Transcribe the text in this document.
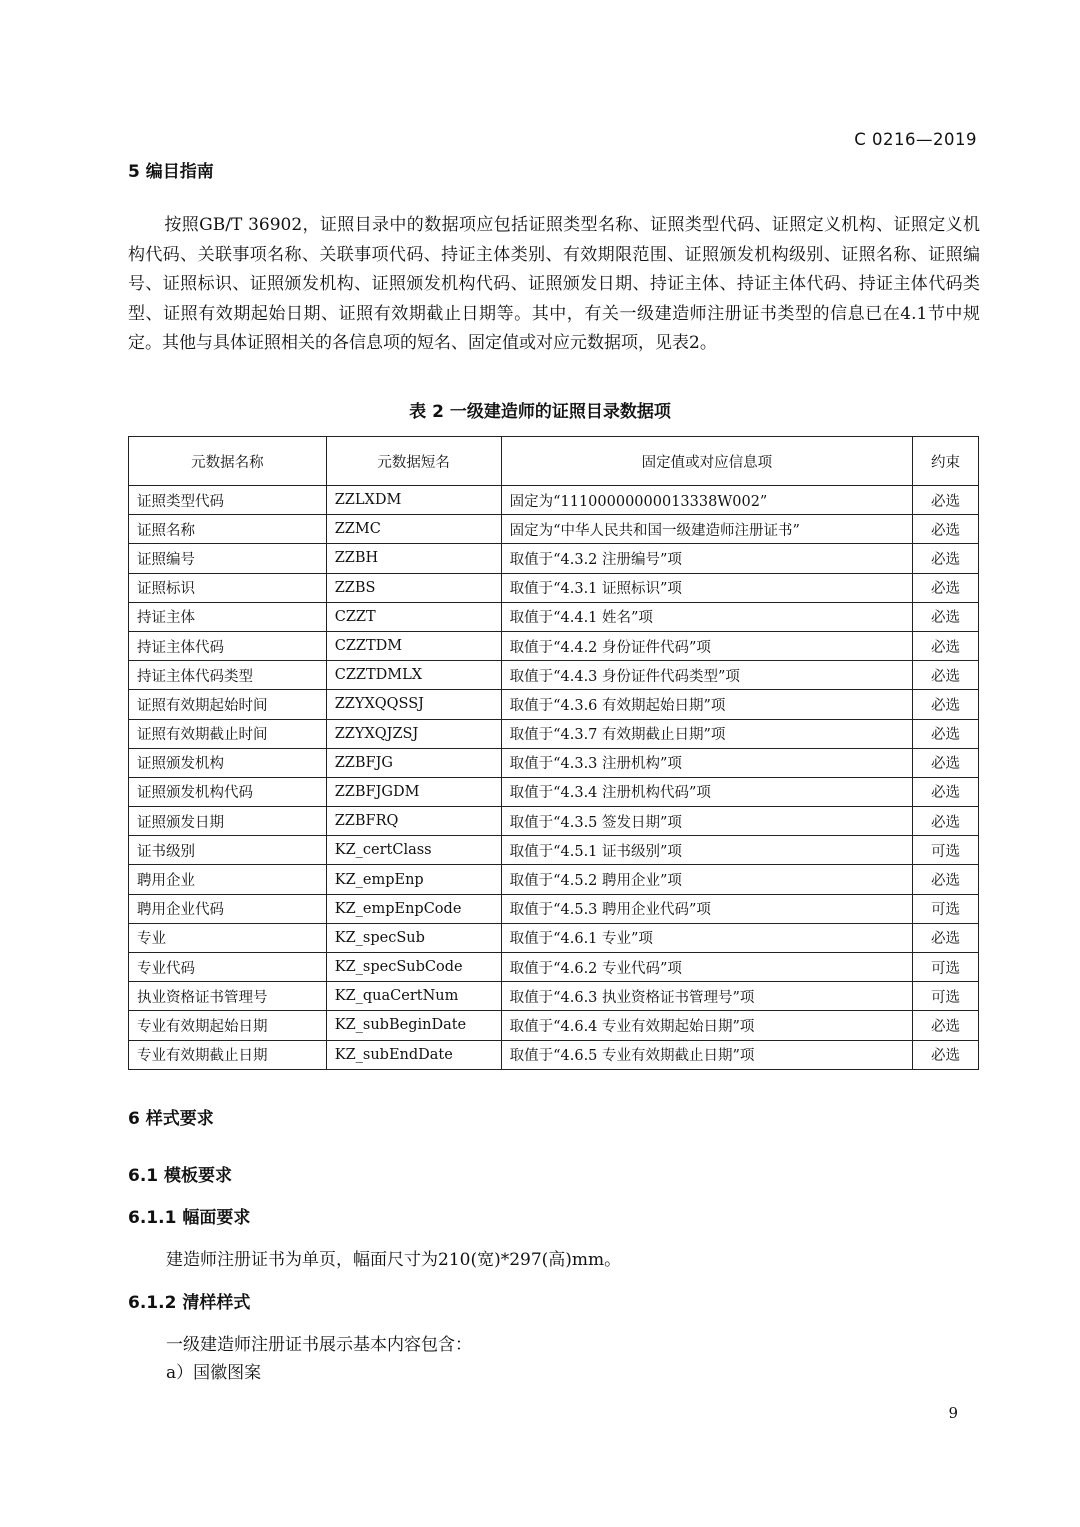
C 0216—2019
5 编目指南
按照GB/T 36902，证照目录中的数据项应包括证照类型名称、证照类型代码、证照定义机构、证照定义机构代码、关联事项名称、关联事项代码、持证主体类别、有效期限范围、证照颁发机构级别、证照名称、证照编号、证照标识、证照颁发机构、证照颁发机构代码、证照颁发日期、持证主体、持证主体代码、持证主体代码类型、证照有效期起始日期、证照有效期截止日期等。其中，有关一级建造师注册证书类型的信息已在4.1节中规定。其他与具体证照相关的各信息项的短名、固定值或对应元数据项，见表2。
表 2 一级建造师的证照目录数据项
元数据名称	元数据短名	固定值或对应信息项	约束
证照类型代码	ZZLXDM	固定为“11100000000013338W002”	必选
证照名称	ZZMC	固定为“中华人民共和国一级建造师注册证书”	必选
证照编号	ZZBH	取值于“4.3.2 注册编号”项	必选
证照标识	ZZBS	取值于“4.3.1 证照标识”项	必选
持证主体	CZZT	取值于“4.4.1 姓名”项	必选
持证主体代码	CZZTDM	取值于“4.4.2 身份证件代码”项	必选
持证主体代码类型	CZZTDMLX	取值于“4.4.3 身份证件代码类型”项	必选
证照有效期起始时间	ZZYXQQSSJ	取值于“4.3.6 有效期起始日期”项	必选
证照有效期截止时间	ZZYXQJZSJ	取值于“4.3.7 有效期截止日期”项	必选
证照颁发机构	ZZBFJG	取值于“4.3.3 注册机构”项	必选
证照颁发机构代码	ZZBFJGDM	取值于“4.3.4 注册机构代码”项	必选
证照颁发日期	ZZBFRQ	取值于“4.3.5 签发日期”项	必选
证书级别	KZ_certClass	取值于“4.5.1 证书级别”项	可选
聘用企业	KZ_empEnp	取值于“4.5.2 聘用企业”项	必选
聘用企业代码	KZ_empEnpCode	取值于“4.5.3 聘用企业代码”项	可选
专业	KZ_specSub	取值于“4.6.1 专业”项	必选
专业代码	KZ_specSubCode	取值于“4.6.2 专业代码”项	可选
执业资格证书管理号	KZ_quaCertNum	取值于“4.6.3 执业资格证书管理号”项	可选
专业有效期起始日期	KZ_subBeginDate	取值于“4.6.4 专业有效期起始日期”项	必选
专业有效期截止日期	KZ_subEndDate	取值于“4.6.5 专业有效期截止日期”项	必选
6 样式要求
6.1 模板要求
6.1.1 幅面要求
建造师注册证书为单页，幅面尺寸为210(宽)*297(高)mm。
6.1.2 清样样式
一级建造师注册证书展示基本内容包含：
a）国徽图案
9
